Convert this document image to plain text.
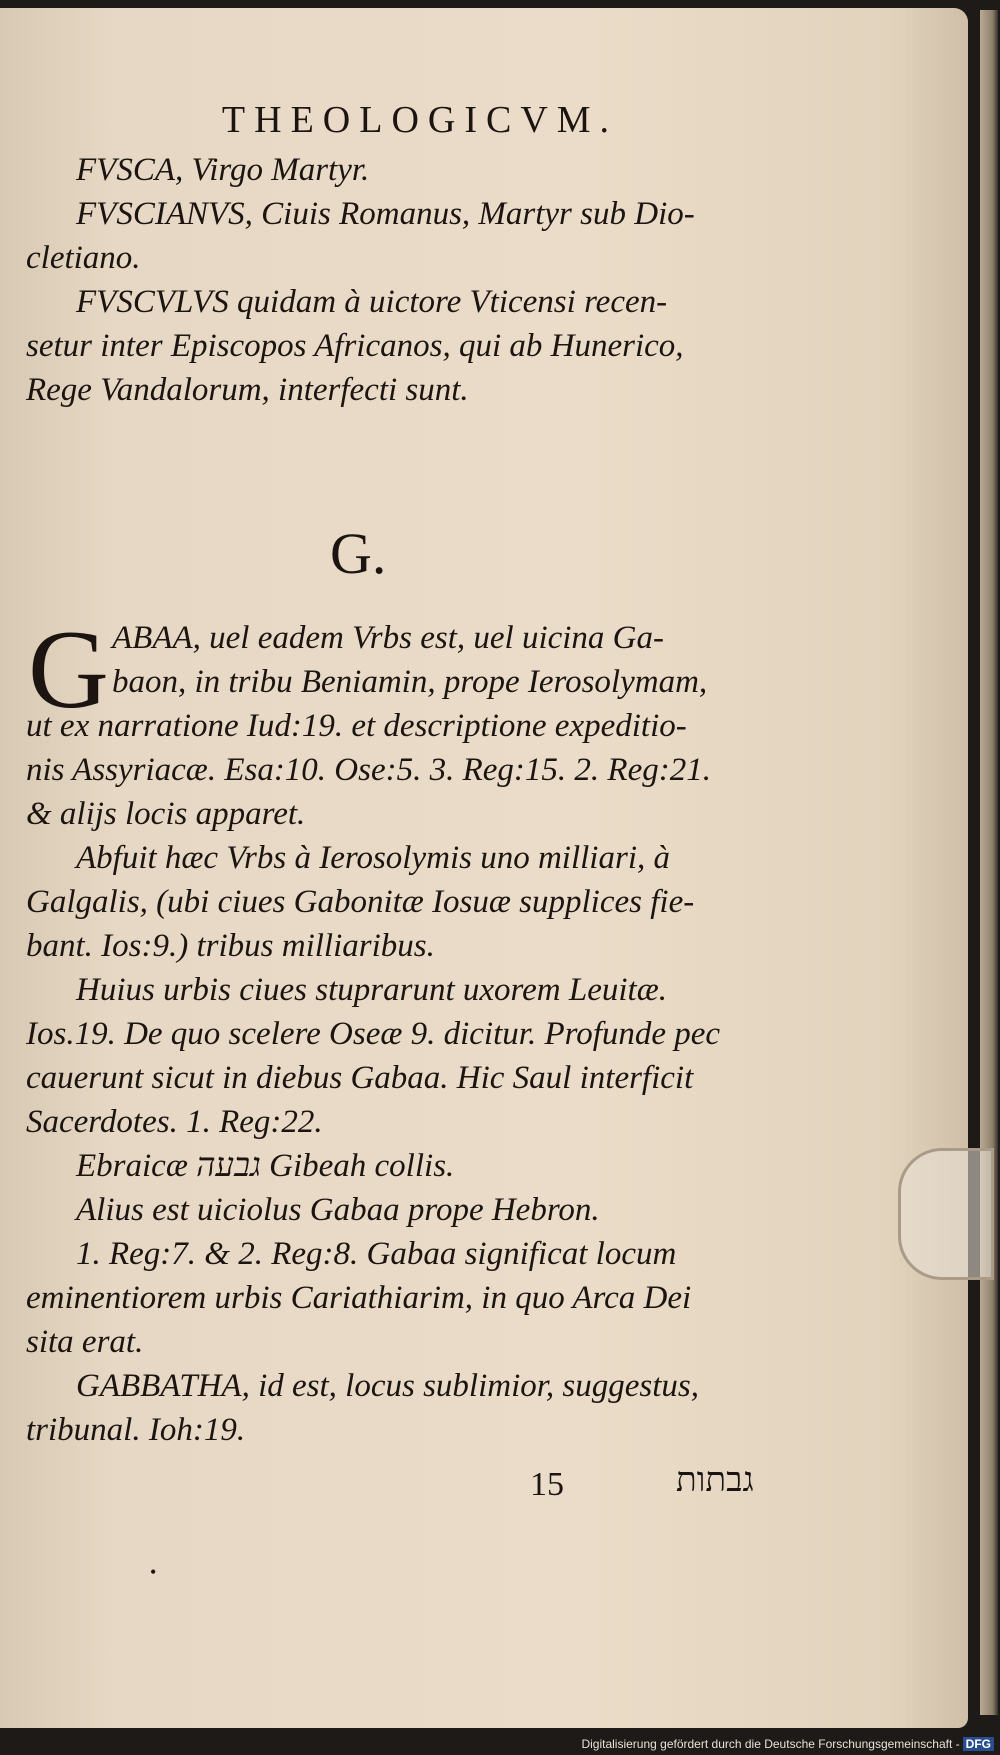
THEOLOGICVM.
FVSCA, Virgo Martyr.
FVSCIANVS, Ciuis Romanus, Martyr sub Dio-
cletiano.
FVSCVLVS quidam à uictore Vticensi recen-
setur inter Episcopos Africanos, qui ab Hunerico,
Rege Vandalorum, interfecti sunt.
G.
G ABAA, uel eadem Vrbs est, uel uicina Ga-
baon, in tribu Beniamin, prope Ierosolymam,
ut ex narratione Iud:19. et descriptione expeditio-
nis Assyriacæ. Esa:10. Ose:5. 3. Reg:15. 2. Reg:21.
& alijs locis apparet.
Abfuit hæc Vrbs à Ierosolymis uno milliari, à
Galgalis, (ubi ciues Gabonitæ Iosuæ supplices fie-
bant. Ios:9.) tribus milliaribus.
Huius urbis ciues stuprarunt uxorem Leuitæ.
Ios.19. De quo scelere Oseæ 9. dicitur. Profunde pec
cauerunt sicut in diebus Gabaa. Hic Saul interficit
Sacerdotes. 1. Reg:22.
Ebraicæ גבעה Gibeah collis.
Alius est uiciolus Gabaa prope Hebron.
1. Reg:7. & 2. Reg:8. Gabaa significat locum
eminentiorem urbis Cariathiarim, in quo Arca Dei
sita erat.
GABBATHA, id est, locus sublimior, suggestus,
tribunal. Ioh:19.
15	גבתות
•
Digitalisierung gefördert durch die Deutsche Forschungsgemeinschaft - DFG
